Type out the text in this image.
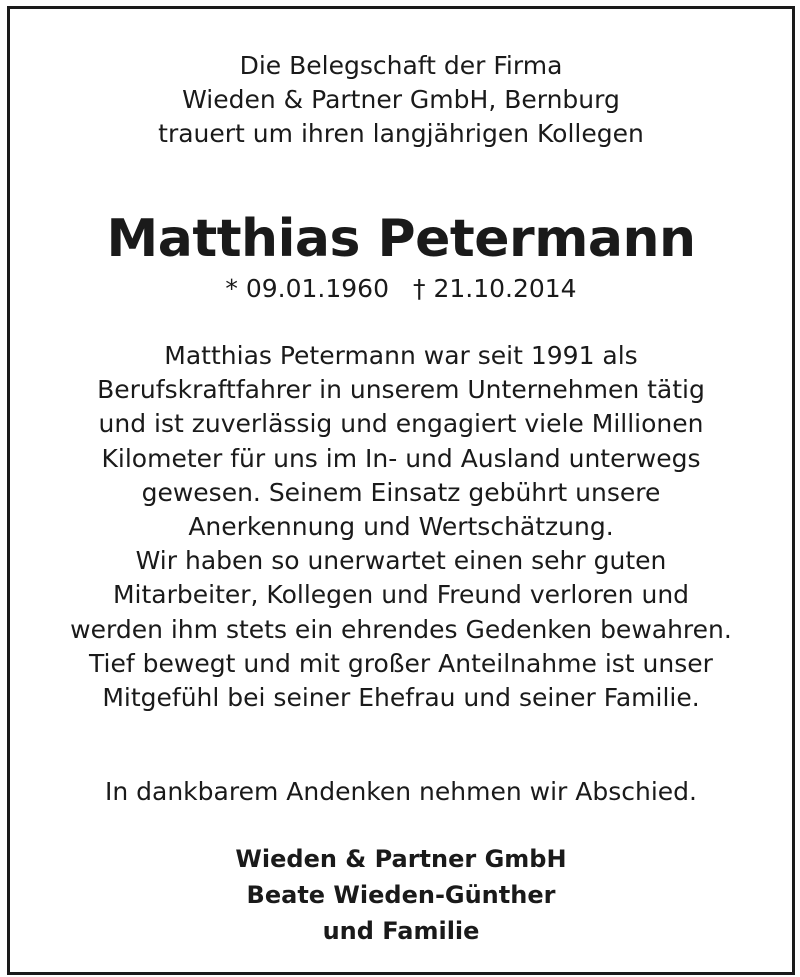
Die Belegschaft der Firma
Wieden & Partner GmbH, Bernburg
trauert um ihren langjährigen Kollegen
Matthias Petermann
* 09.01.1960 † 21.10.2014
Matthias Petermann war seit 1991 als
Berufskraftfahrer in unserem Unternehmen tätig
und ist zuverlässig und engagiert viele Millionen
Kilometer für uns im In- und Ausland unterwegs
gewesen. Seinem Einsatz gebührt unsere
Anerkennung und Wertschätzung.
Wir haben so unerwartet einen sehr guten
Mitarbeiter, Kollegen und Freund verloren und
werden ihm stets ein ehrendes Gedenken bewahren.
Tief bewegt und mit großer Anteilnahme ist unser
Mitgefühl bei seiner Ehefrau und seiner Familie.
In dankbarem Andenken nehmen wir Abschied.
Wieden & Partner GmbH
Beate Wieden-Günther
und Familie
